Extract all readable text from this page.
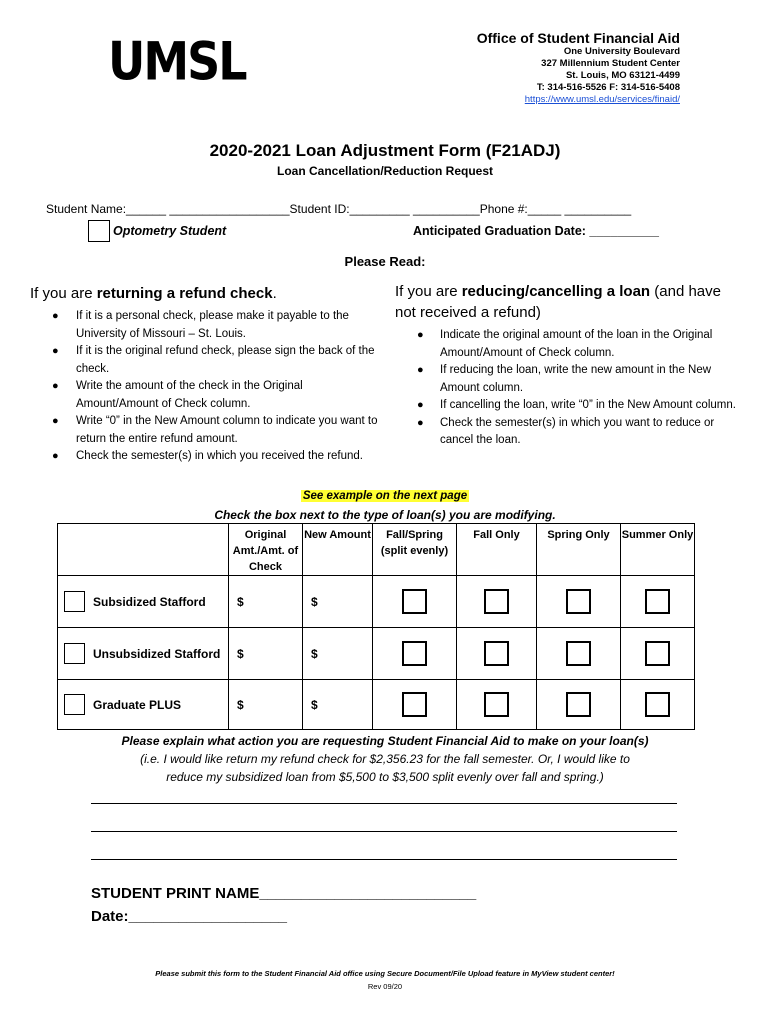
UMSL	Office of Student Financial Aid
One University Boulevard
327 Millennium Student Center
St. Louis, MO 63121-4499
T: 314-516-5526 F: 314-516-5408
https://www.umsl.edu/services/finaid/
2020-2021 Loan Adjustment Form (F21ADJ)
Loan Cancellation/Reduction Request
Student Name:______ __________________Student ID:_________ __________Phone #:_____ __________
Optometry Student	Anticipated Graduation Date: __________
Please Read:
If you are returning a refund check.
● If it is a personal check, please make it payable to the University of Missouri – St. Louis.
● If it is the original refund check, please sign the back of the check.
● Write the amount of the check in the Original Amount/Amount of Check column.
● Write “0” in the New Amount column to indicate you want to return the entire refund amount.
● Check the semester(s) in which you received the refund.
If you are reducing/cancelling a loan (and have not received a refund)
● Indicate the original amount of the loan in the Original Amount/Amount of Check column.
● If reducing the loan, write the new amount in the New Amount column.
● If cancelling the loan, write “0” in the New Amount column.
● Check the semester(s) in which you want to reduce or cancel the loan.
See example on the next page
Check the box next to the type of loan(s) you are modifying.
	Original Amt./Amt. of Check	New Amount	Fall/Spring (split evenly)	Fall Only	Spring Only	Summer Only

Subsidized Stafford	$	$	

Unsubsidized Stafford	$	$	

Graduate PLUS	$	$	

Please explain what action you are requesting Student Financial Aid to make on your loan(s)
(i.e. I would like return my refund check for $2,356.23 for the fall semester. Or, I would like to
reduce my subsidized loan from $5,500 to $3,500 split evenly over fall and spring.)
STUDENT PRINT NAME__________________________
Date:___________________
Please submit this form to the Student Financial Aid office using Secure Document/File Upload feature in MyView student center!
Rev 09/20
